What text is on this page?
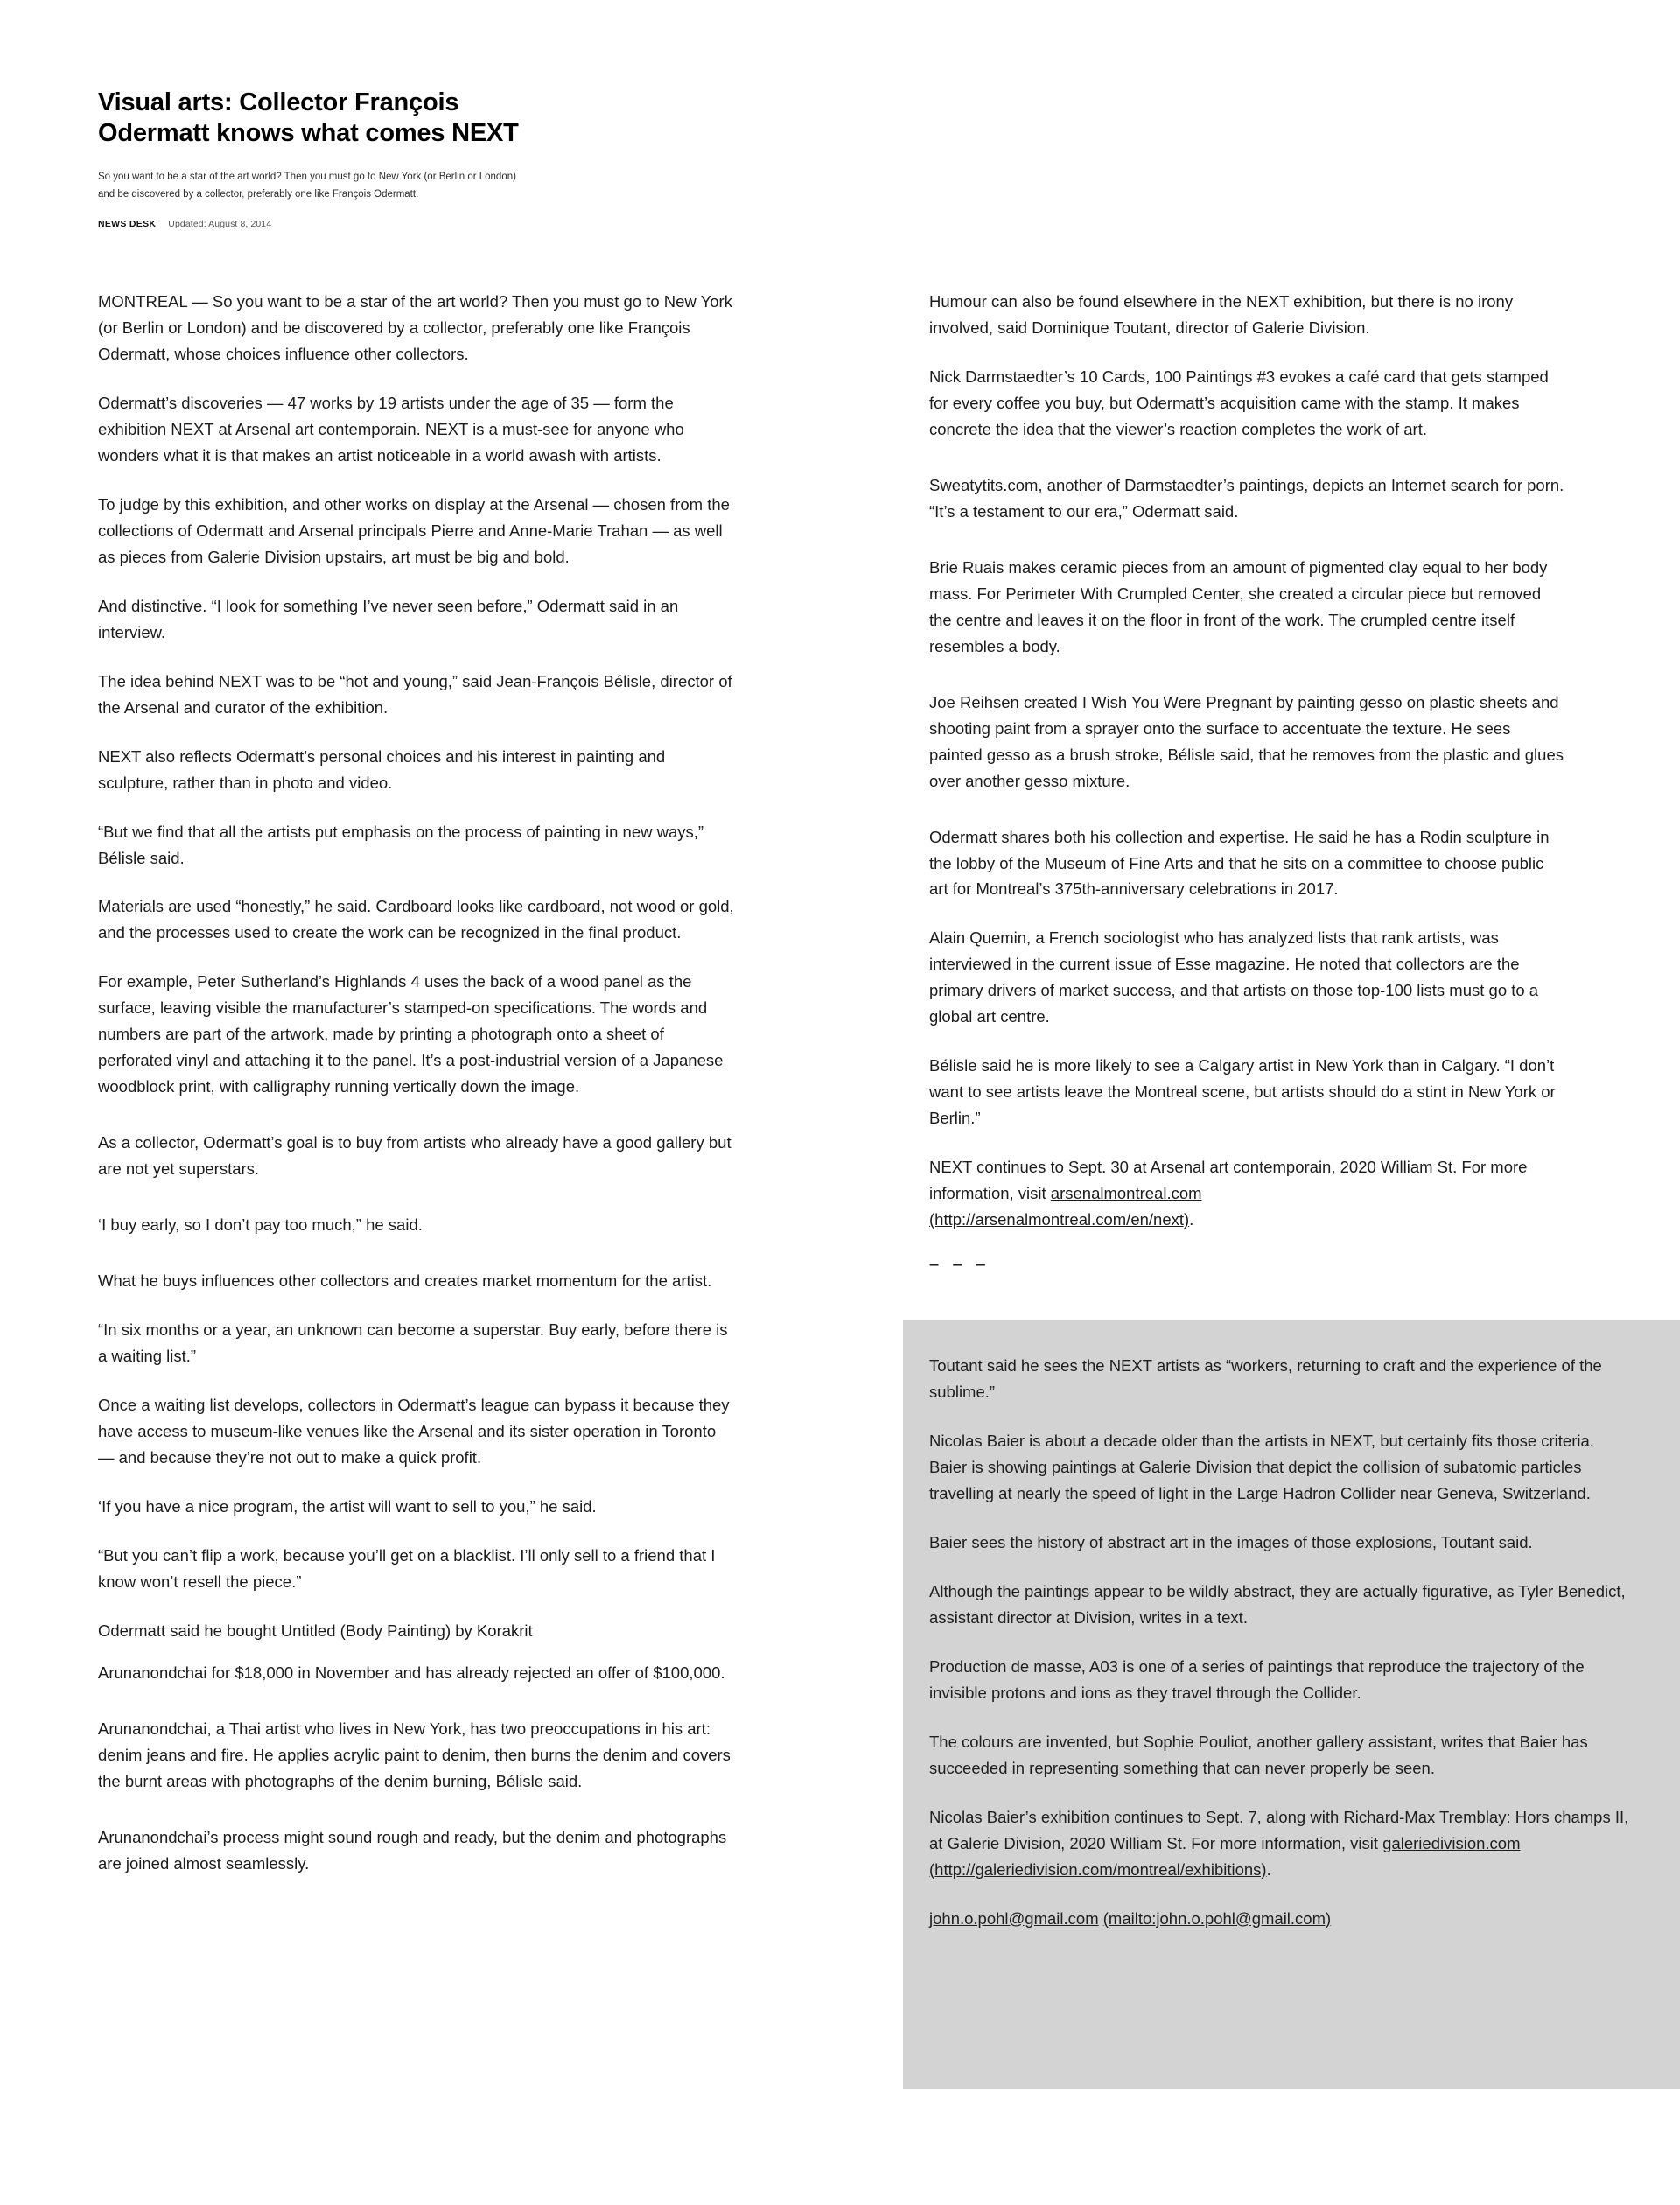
Visual arts: Collector François Odermatt knows what comes NEXT
So you want to be a star of the art world? Then you must go to New York (or Berlin or London) and be discovered by a collector, preferably one like François Odermatt.
NEWS DESK Updated: August 8, 2014

MONTREAL — So you want to be a star of the art world? Then you must go to New York (or Berlin or London) and be discovered by a collector, preferably one like François Odermatt, whose choices influence other collectors.

Odermatt’s discoveries — 47 works by 19 artists under the age of 35 — form the exhibition NEXT at Arsenal art contemporain. NEXT is a must-see for anyone who wonders what it is that makes an artist noticeable in a world awash with artists.

To judge by this exhibition, and other works on display at the Arsenal — chosen from the collections of Odermatt and Arsenal principals Pierre and Anne-Marie Trahan — as well as pieces from Galerie Division upstairs, art must be big and bold.

And distinctive. “I look for something I’ve never seen before,” Odermatt said in an interview.

The idea behind NEXT was to be “hot and young,” said Jean-François Bélisle, director of the Arsenal and curator of the exhibition.

NEXT also reflects Odermatt’s personal choices and his interest in painting and sculpture, rather than in photo and video.

“But we find that all the artists put emphasis on the process of painting in new ways,” Bélisle said.

Materials are used “honestly,” he said. Cardboard looks like cardboard, not wood or gold, and the processes used to create the work can be recognized in the final product.

For example, Peter Sutherland’s Highlands 4 uses the back of a wood panel as the surface, leaving visible the manufacturer’s stamped-on specifications. The words and numbers are part of the artwork, made by printing a photograph onto a sheet of perforated vinyl and attaching it to the panel. It’s a post-industrial version of a Japanese woodblock print, with calligraphy running vertically down the image.

As a collector, Odermatt’s goal is to buy from artists who already have a good gallery but are not yet superstars.

‘I buy early, so I don’t pay too much,” he said.

What he buys influences other collectors and creates market momentum for the artist.

“In six months or a year, an unknown can become a superstar. Buy early, before there is a waiting list.”

Once a waiting list develops, collectors in Odermatt’s league can bypass it because they have access to museum-like venues like the Arsenal and its sister operation in Toronto — and because they’re not out to make a quick profit.

‘If you have a nice program, the artist will want to sell to you,” he said.

“But you can’t flip a work, because you’ll get on a blacklist. I’ll only sell to a friend that I know won’t resell the piece.”

Odermatt said he bought Untitled (Body Painting) by Korakrit

Arunanondchai for $18,000 in November and has already rejected an offer of $100,000.

Arunanondchai, a Thai artist who lives in New York, has two preoccupations in his art: denim jeans and fire. He applies acrylic paint to denim, then burns the denim and covers the burnt areas with photographs of the denim burning, Bélisle said.

Arunanondchai’s process might sound rough and ready, but the denim and photographs are joined almost seamlessly.

Humour can also be found elsewhere in the NEXT exhibition, but there is no irony involved, said Dominique Toutant, director of Galerie Division.

Nick Darmstaedter’s 10 Cards, 100 Paintings #3 evokes a café card that gets stamped for every coffee you buy, but Odermatt’s acquisition came with the stamp. It makes concrete the idea that the viewer’s reaction completes the work of art.

Sweatytits.com, another of Darmstaedter’s paintings, depicts an Internet search for porn. “It’s a testament to our era,” Odermatt said.

Brie Ruais makes ceramic pieces from an amount of pigmented clay equal to her body mass. For Perimeter With Crumpled Center, she created a circular piece but removed the centre and leaves it on the floor in front of the work. The crumpled centre itself resembles a body.

Joe Reihsen created I Wish You Were Pregnant by painting gesso on plastic sheets and shooting paint from a sprayer onto the surface to accentuate the texture. He sees painted gesso as a brush stroke, Bélisle said, that he removes from the plastic and glues over another gesso mixture.

Odermatt shares both his collection and expertise. He said he has a Rodin sculpture in the lobby of the Museum of Fine Arts and that he sits on a committee to choose public art for Montreal’s 375th-anniversary celebrations in 2017.

Alain Quemin, a French sociologist who has analyzed lists that rank artists, was interviewed in the current issue of Esse magazine. He noted that collectors are the primary drivers of market success, and that artists on those top-100 lists must go to a global art centre.

Bélisle said he is more likely to see a Calgary artist in New York than in Calgary. “I don’t want to see artists leave the Montreal scene, but artists should do a stint in New York or Berlin.”

NEXT continues to Sept. 30 at Arsenal art contemporain, 2020 William St. For more information, visit arsenalmontreal.com
(http://arsenalmontreal.com/en/next).

– – –

Toutant said he sees the NEXT artists as “workers, returning to craft and the experience of the sublime.”

Nicolas Baier is about a decade older than the artists in NEXT, but certainly fits those criteria. Baier is showing paintings at Galerie Division that depict the collision of subatomic particles travelling at nearly the speed of light in the Large Hadron Collider near Geneva, Switzerland.

Baier sees the history of abstract art in the images of those explosions, Toutant said.

Although the paintings appear to be wildly abstract, they are actually figurative, as Tyler Benedict, assistant director at Division, writes in a text.

Production de masse, A03 is one of a series of paintings that reproduce the trajectory of the invisible protons and ions as they travel through the Collider.

The colours are invented, but Sophie Pouliot, another gallery assistant, writes that Baier has succeeded in representing something that can never properly be seen.

Nicolas Baier’s exhibition continues to Sept. 7, along with Richard-Max Tremblay: Hors champs II, at Galerie Division, 2020 William St. For more information, visit galeriedivision.com
(http://galeriedivision.com/montreal/exhibitions).

john.o.pohl@gmail.com (mailto:john.o.pohl@gmail.com)
